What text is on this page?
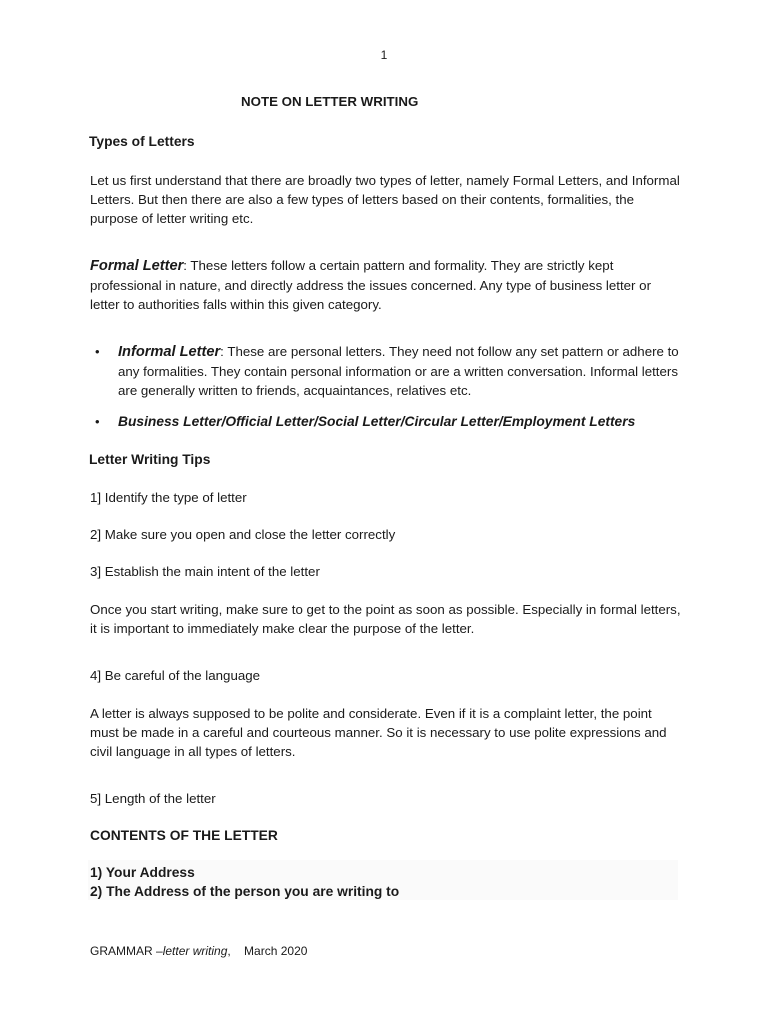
1
NOTE ON LETTER WRITING
Types of Letters
Let us first understand that there are broadly two types of letter, namely Formal Letters, and Informal Letters. But then there are also a few types of letters based on their contents, formalities, the purpose of letter writing etc.
Formal Letter: These letters follow a certain pattern and formality. They are strictly kept professional in nature, and directly address the issues concerned. Any type of business letter or letter to authorities falls within this given category.
• Informal Letter: These are personal letters. They need not follow any set pattern or adhere to any formalities. They contain personal information or are a written conversation. Informal letters are generally written to friends, acquaintances, relatives etc.
• Business Letter/Official Letter/Social Letter/Circular Letter/Employment Letters
Letter Writing Tips
1] Identify the type of letter
2] Make sure you open and close the letter correctly
3] Establish the main intent of the letter
Once you start writing, make sure to get to the point as soon as possible. Especially in formal letters, it is important to immediately make clear the purpose of the letter.
4] Be careful of the language
A letter is always supposed to be polite and considerate. Even if it is a complaint letter, the point must be made in a careful and courteous manner. So it is necessary to use polite expressions and civil language in all types of letters.
5] Length of the letter
CONTENTS OF THE LETTER
1) Your Address
2) The Address of the person you are writing to
GRAMMAR –letter writing,    March 2020
